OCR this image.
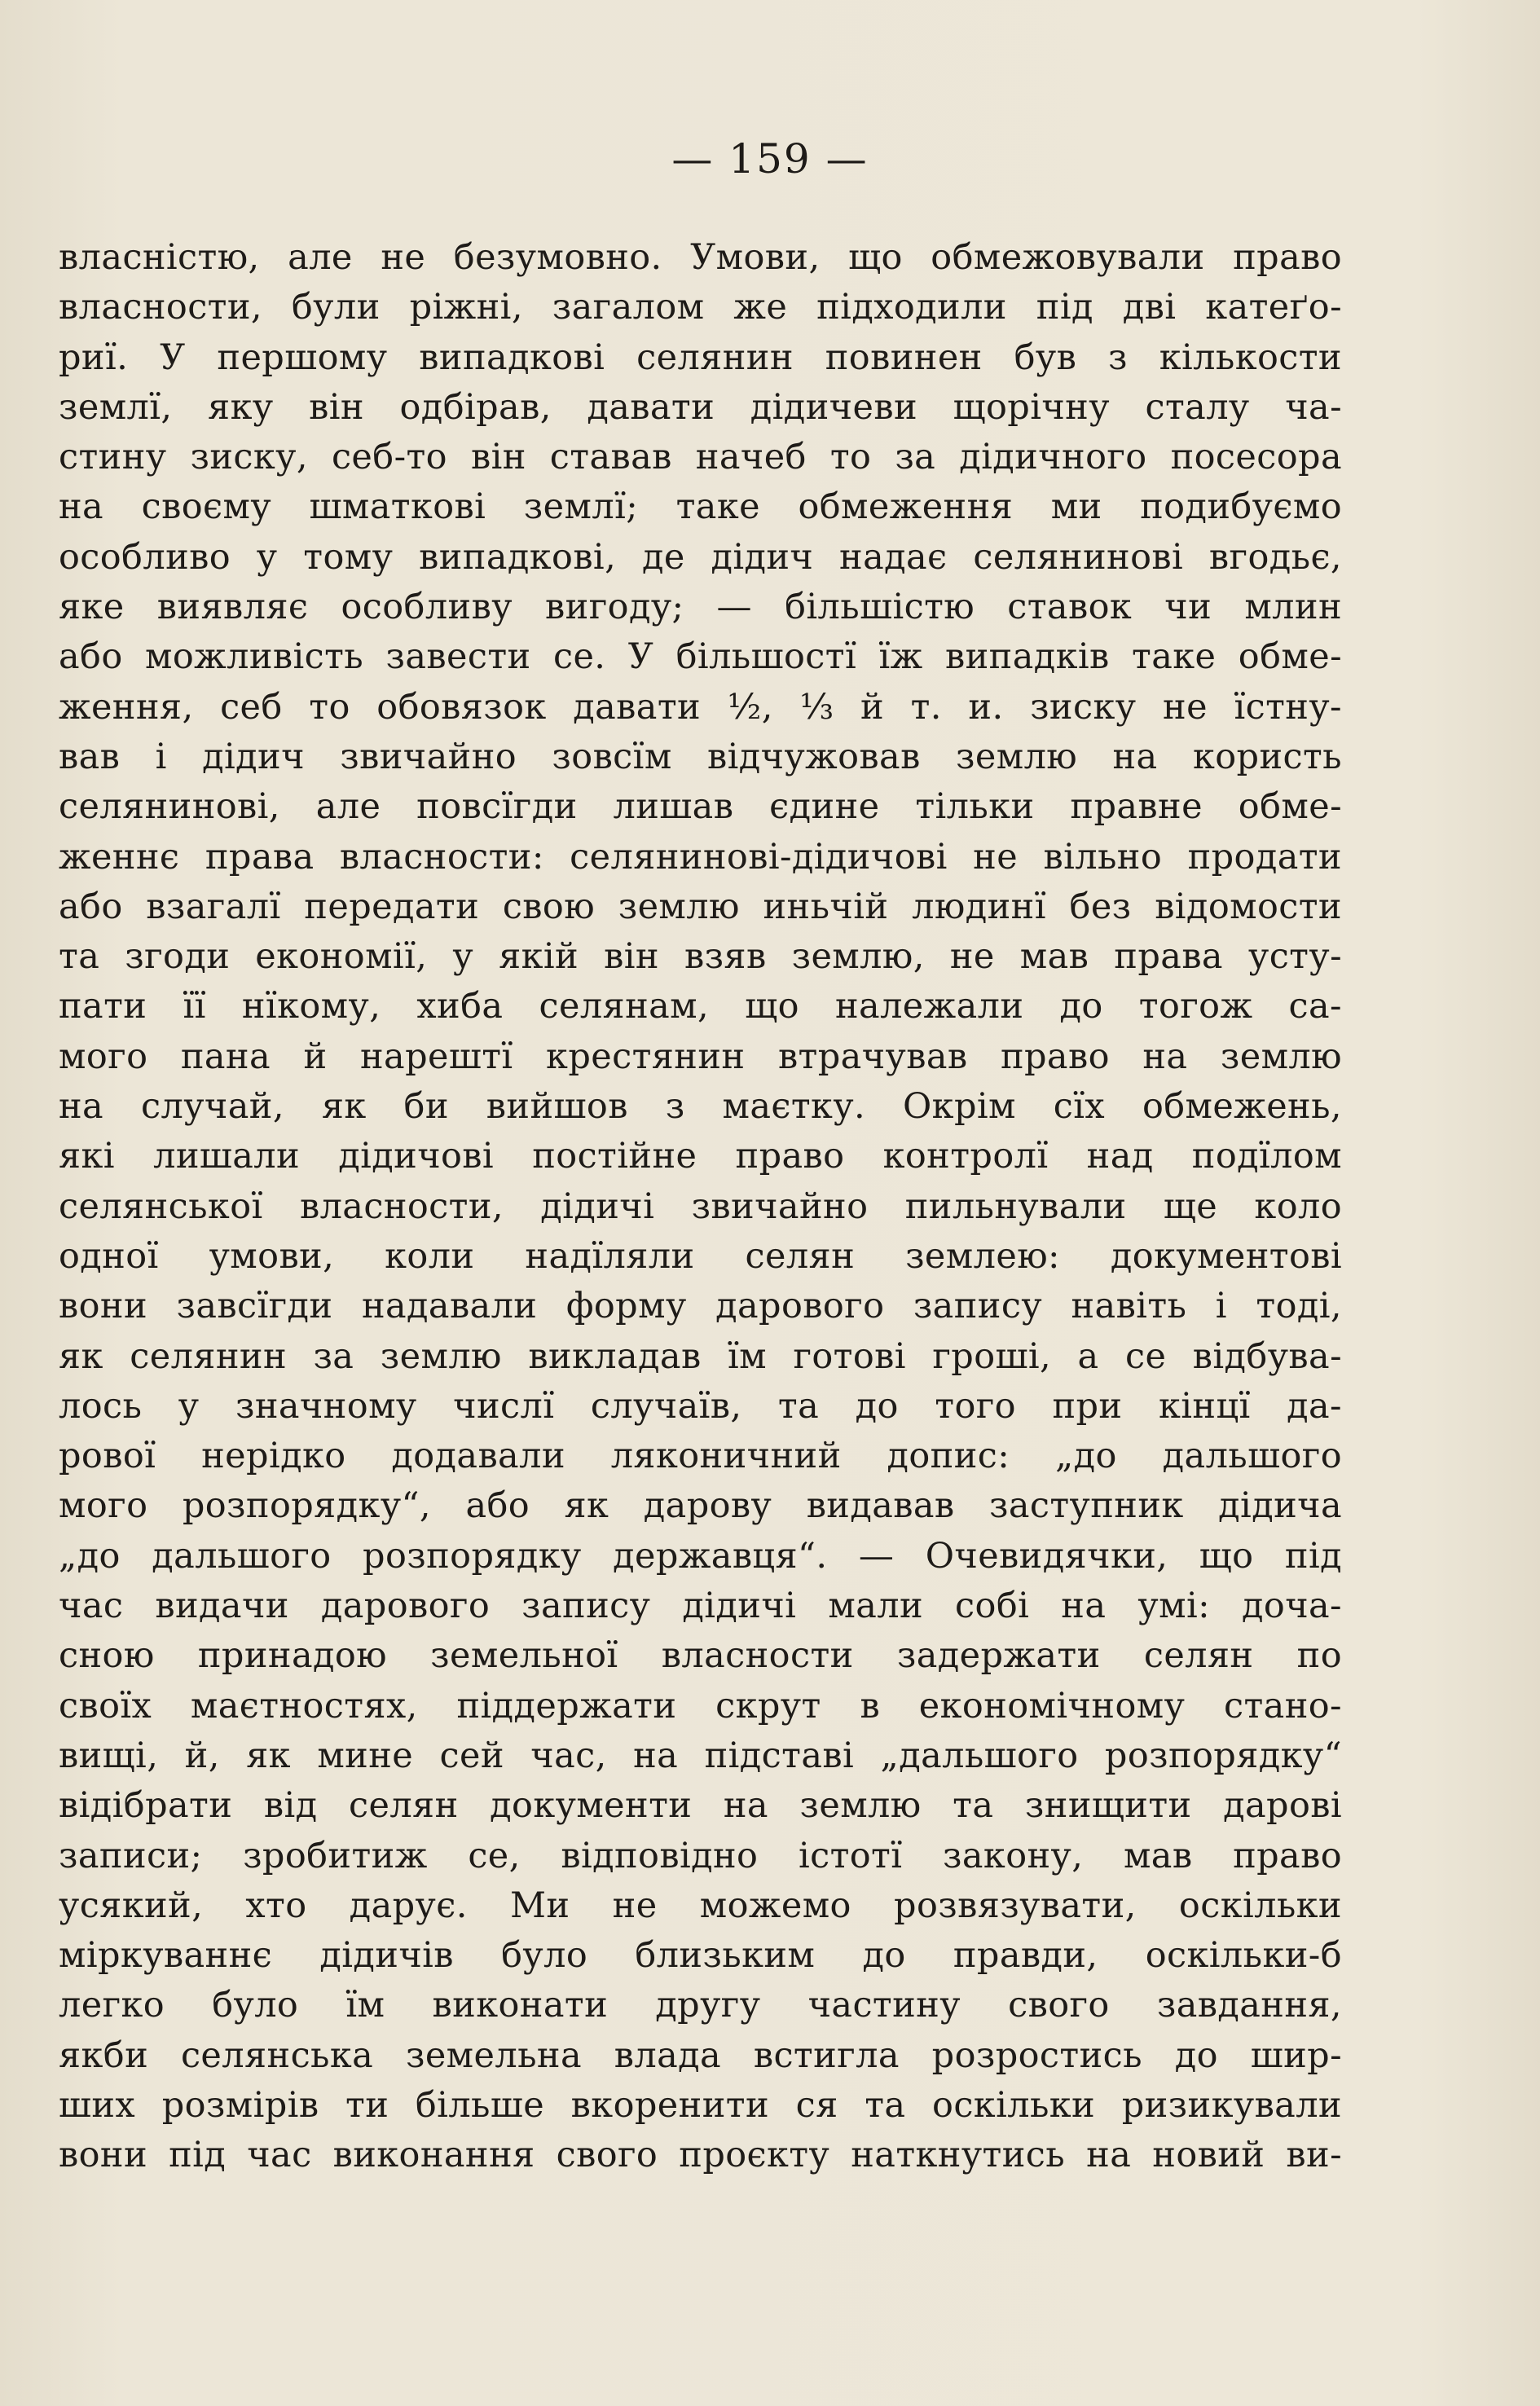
— 159 —
власністю, але не безумовно. Умови, що обмежовували право
власности, були ріжні, загалом же підходили під дві катеґо-
риї. У першому випадкові селянин повинен був з кількости
землї, яку він одбірав, давати дідичеви щорічну сталу ча-
стину зиску, себ-то він ставав начеб то за дідичного посесора
на своєму шматкові землї; таке обмеження ми подибуємо
особливо у тому випадкові, де дідич надає селянинові вгодьє,
яке виявляє особливу вигоду; — більшістю ставок чи млин
або можливість завести се. У більшостї їж випадків таке обме-
ження, себ то обовязок давати ½, ⅓ й т. и. зиску не їстну-
вав і дідич звичайно зовсїм відчужовав землю на користь
селянинові, але повсїгди лишав єдине тільки правне обме-
женнє права власности: селянинові-дідичові не вільно продати
або взагалї передати свою землю иньчій людинї без відомости
та згоди економії, у якій він взяв землю, не мав права усту-
пати її нїкому, хиба селянам, що належали до тогож са-
мого пана й нарештї крестянин втрачував право на землю
на случай, як би вийшов з маєтку. Окрім сїх обмежень,
які лишали дідичові постійне право контролї над подїлом
селянської власности, дідичі звичайно пильнували ще коло
одної умови, коли надїляли селян землею: документові
вони завсїгди надавали форму дарового запису навіть і тоді,
як селянин за землю викладав їм готові гроші, а се відбува-
лось у значному числї случаїв, та до того при кінцї да-
рової нерідко додавали ляконичний допис: „до дальшого
мого розпорядку“, або як дарову видавав заступник дідича
„до дальшого розпорядку державця“. — Очевидячки, що під
час видачи дарового запису дідичі мали собі на умі: доча-
сною принадою земельної власности задержати селян по
своїх маєтностях, піддержати скрут в економічному стано-
вищі, й, як мине сей час, на підставі „дальшого розпорядку“
відібрати від селян документи на землю та знищити дарові
записи; зробитиж се, відповідно істотї закону, мав право
усякий, хто дарує. Ми не можемо розвязувати, оскільки
міркуваннє дідичів було близьким до правди, оскільки-б
легко було їм виконати другу частину свого завдання,
якби селянська земельна влада встигла розростись до шир-
ших розмірів ти більше вкоренити ся та оскільки ризикували
вони під час виконання свого проєкту наткнутись на новий ви-
